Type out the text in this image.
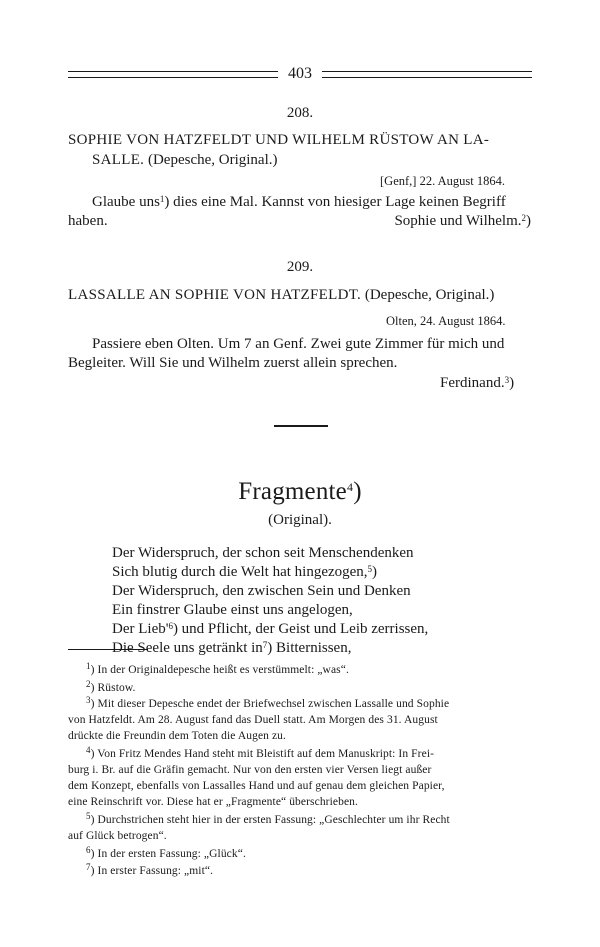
403
208.
SOPHIE VON HATZFELDT UND WILHELM RÜSTOW AN LA-
SALLE. (Depesche, Original.)
[Genf,] 22. August 1864.
Glaube uns$^1$) dies eine Mal. Kannst von hiesiger Lage keinen Begriff
haben.	Sophie und Wilhelm.$^2$)
209.
LASSALLE AN SOPHIE VON HATZFELDT. (Depesche, Original.)
Olten, 24. August 1864.
Passiere eben Olten. Um 7 an Genf. Zwei gute Zimmer für mich und
Begleiter. Will Sie und Wilhelm zuerst allein sprechen.
Ferdinand.$^3$)
Fragmente$^4$)
(Original).
Der Widerspruch, der schon seit Menschendenken
Sich blutig durch die Welt hat hingezogen,$^5$)
Der Widerspruch, den zwischen Sein und Denken
Ein finstrer Glaube einst uns angelogen,
Der $Lieb'^6$) und Pflicht, der Geist und Leib zerrissen,
Die Seele uns getränkt $in^7$) Bitternissen,
$^1$) In der Originaldepesche heißt es verstümmelt: „was“.
$^2$) Rüstow.
$^3$) Mit dieser Depesche endet der Briefwechsel zwischen Lassalle und Sophie
von Hatzfeldt. Am 28. August fand das Duell statt. Am Morgen des 31. August
drückte die Freundin dem Toten die Augen zu.
$^4$) Von Fritz Mendes Hand steht mit Bleistift auf dem Manuskript: In Frei-
burg i. Br. auf die Gräfin gemacht. Nur von den ersten vier Versen liegt außer
dem Konzept, ebenfalls von Lassalles Hand und auf genau dem gleichen Papier,
eine Reinschrift vor. Diese hat er „Fragmente“ überschrieben.
$^5$) Durchstrichen steht hier in der ersten Fassung: „Geschlechter um ihr Recht
auf Glück betrogen“.
$^6$) In der ersten Fassung: „Glück“.
$^7$) In erster Fassung: „mit“.
